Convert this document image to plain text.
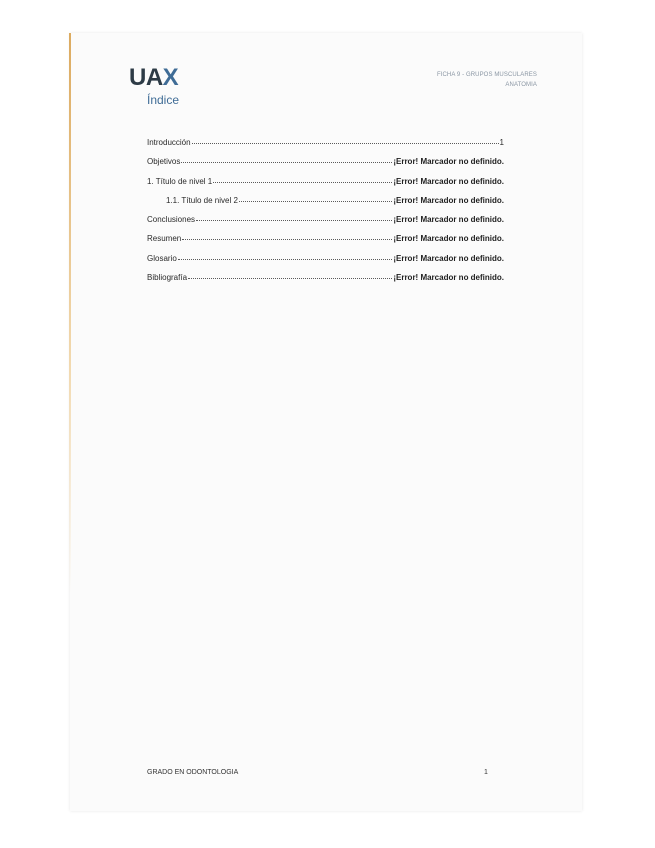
UAX
Índice
FICHA 9 - GRUPOS MUSCULARES
ANATOMIA
Introducción	1
Objetivos	¡Error! Marcador no definido.
1. Título de nivel 1	¡Error! Marcador no definido.
1.1. Título de nivel 2	¡Error! Marcador no definido.
Conclusiones	¡Error! Marcador no definido.
Resumen	¡Error! Marcador no definido.
Glosario	¡Error! Marcador no definido.
Bibliografía	¡Error! Marcador no definido.
GRADO EN ODONTOLOGIA	1
